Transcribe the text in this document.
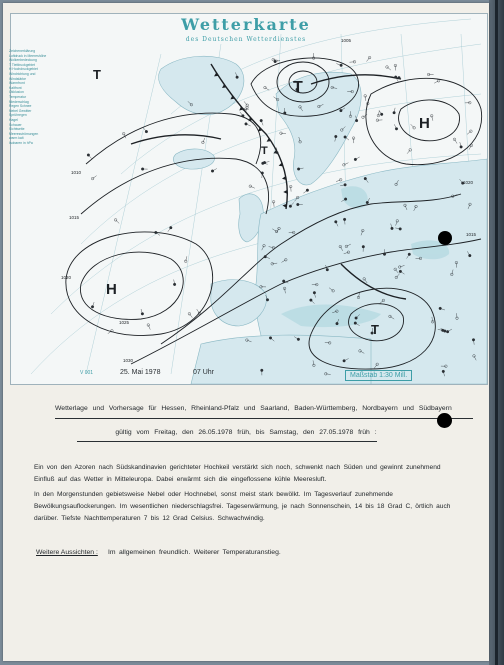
T
T
H
H
T
T
1010
1015
1020
1025
1030
1005
1020
1015
Wetterkarte
des Deutschen Wetterdienstes
Zeichenerklärung
Luftdruck in Meereshöhe
Wolkenbedeckung
T Tiefdruckgebiet
H Hochdruckgebiet
Windrichtung und
Windstärke
Warmfront
Kaltfront
Okklusion
Temperatur
Niederschlag
Regen Schnee
Nebel Gewitter
Sprühregen
Hagel
Schauer
Sichtweite
Meeresströmungen
warm kalt
Isobaren in hPa
V 001	25. Mai 1978	07 Uhr	Maßstab 1:30 Mill.
Wetterlage und Vorhersage für Hessen, Rheinland-Pfalz und Saarland, Baden-Württemberg, Nordbayern und Südbayern
gültig vom Freitag, den 26.05.1978 früh, bis Samstag, den 27.05.1978 früh :
Ein von den Azoren nach Südskandinavien gerichteter Hochkeil verstärkt sich noch, schwenkt nach Süden und gewinnt zunehmend Einfluß auf das Wetter in Mitteleuropa. Dabei erwärmt sich die eingeflossene kühle Meeresluft.
In den Morgenstunden gebietsweise Nebel oder Hochnebel, sonst meist stark bewölkt. Im Tagesverlauf zunehmende Bewölkungsauflockerungen. Im wesentlichen niederschlagsfrei. Tageserwärmung, je nach Sonnenschein, 14 bis 18 Grad C, örtlich auch darüber. Tiefste Nachttemperaturen 7 bis 12 Grad Celsius. Schwachwindig.
Weitere Aussichten : Im allgemeinen freundlich. Weiterer Temperaturanstieg.
